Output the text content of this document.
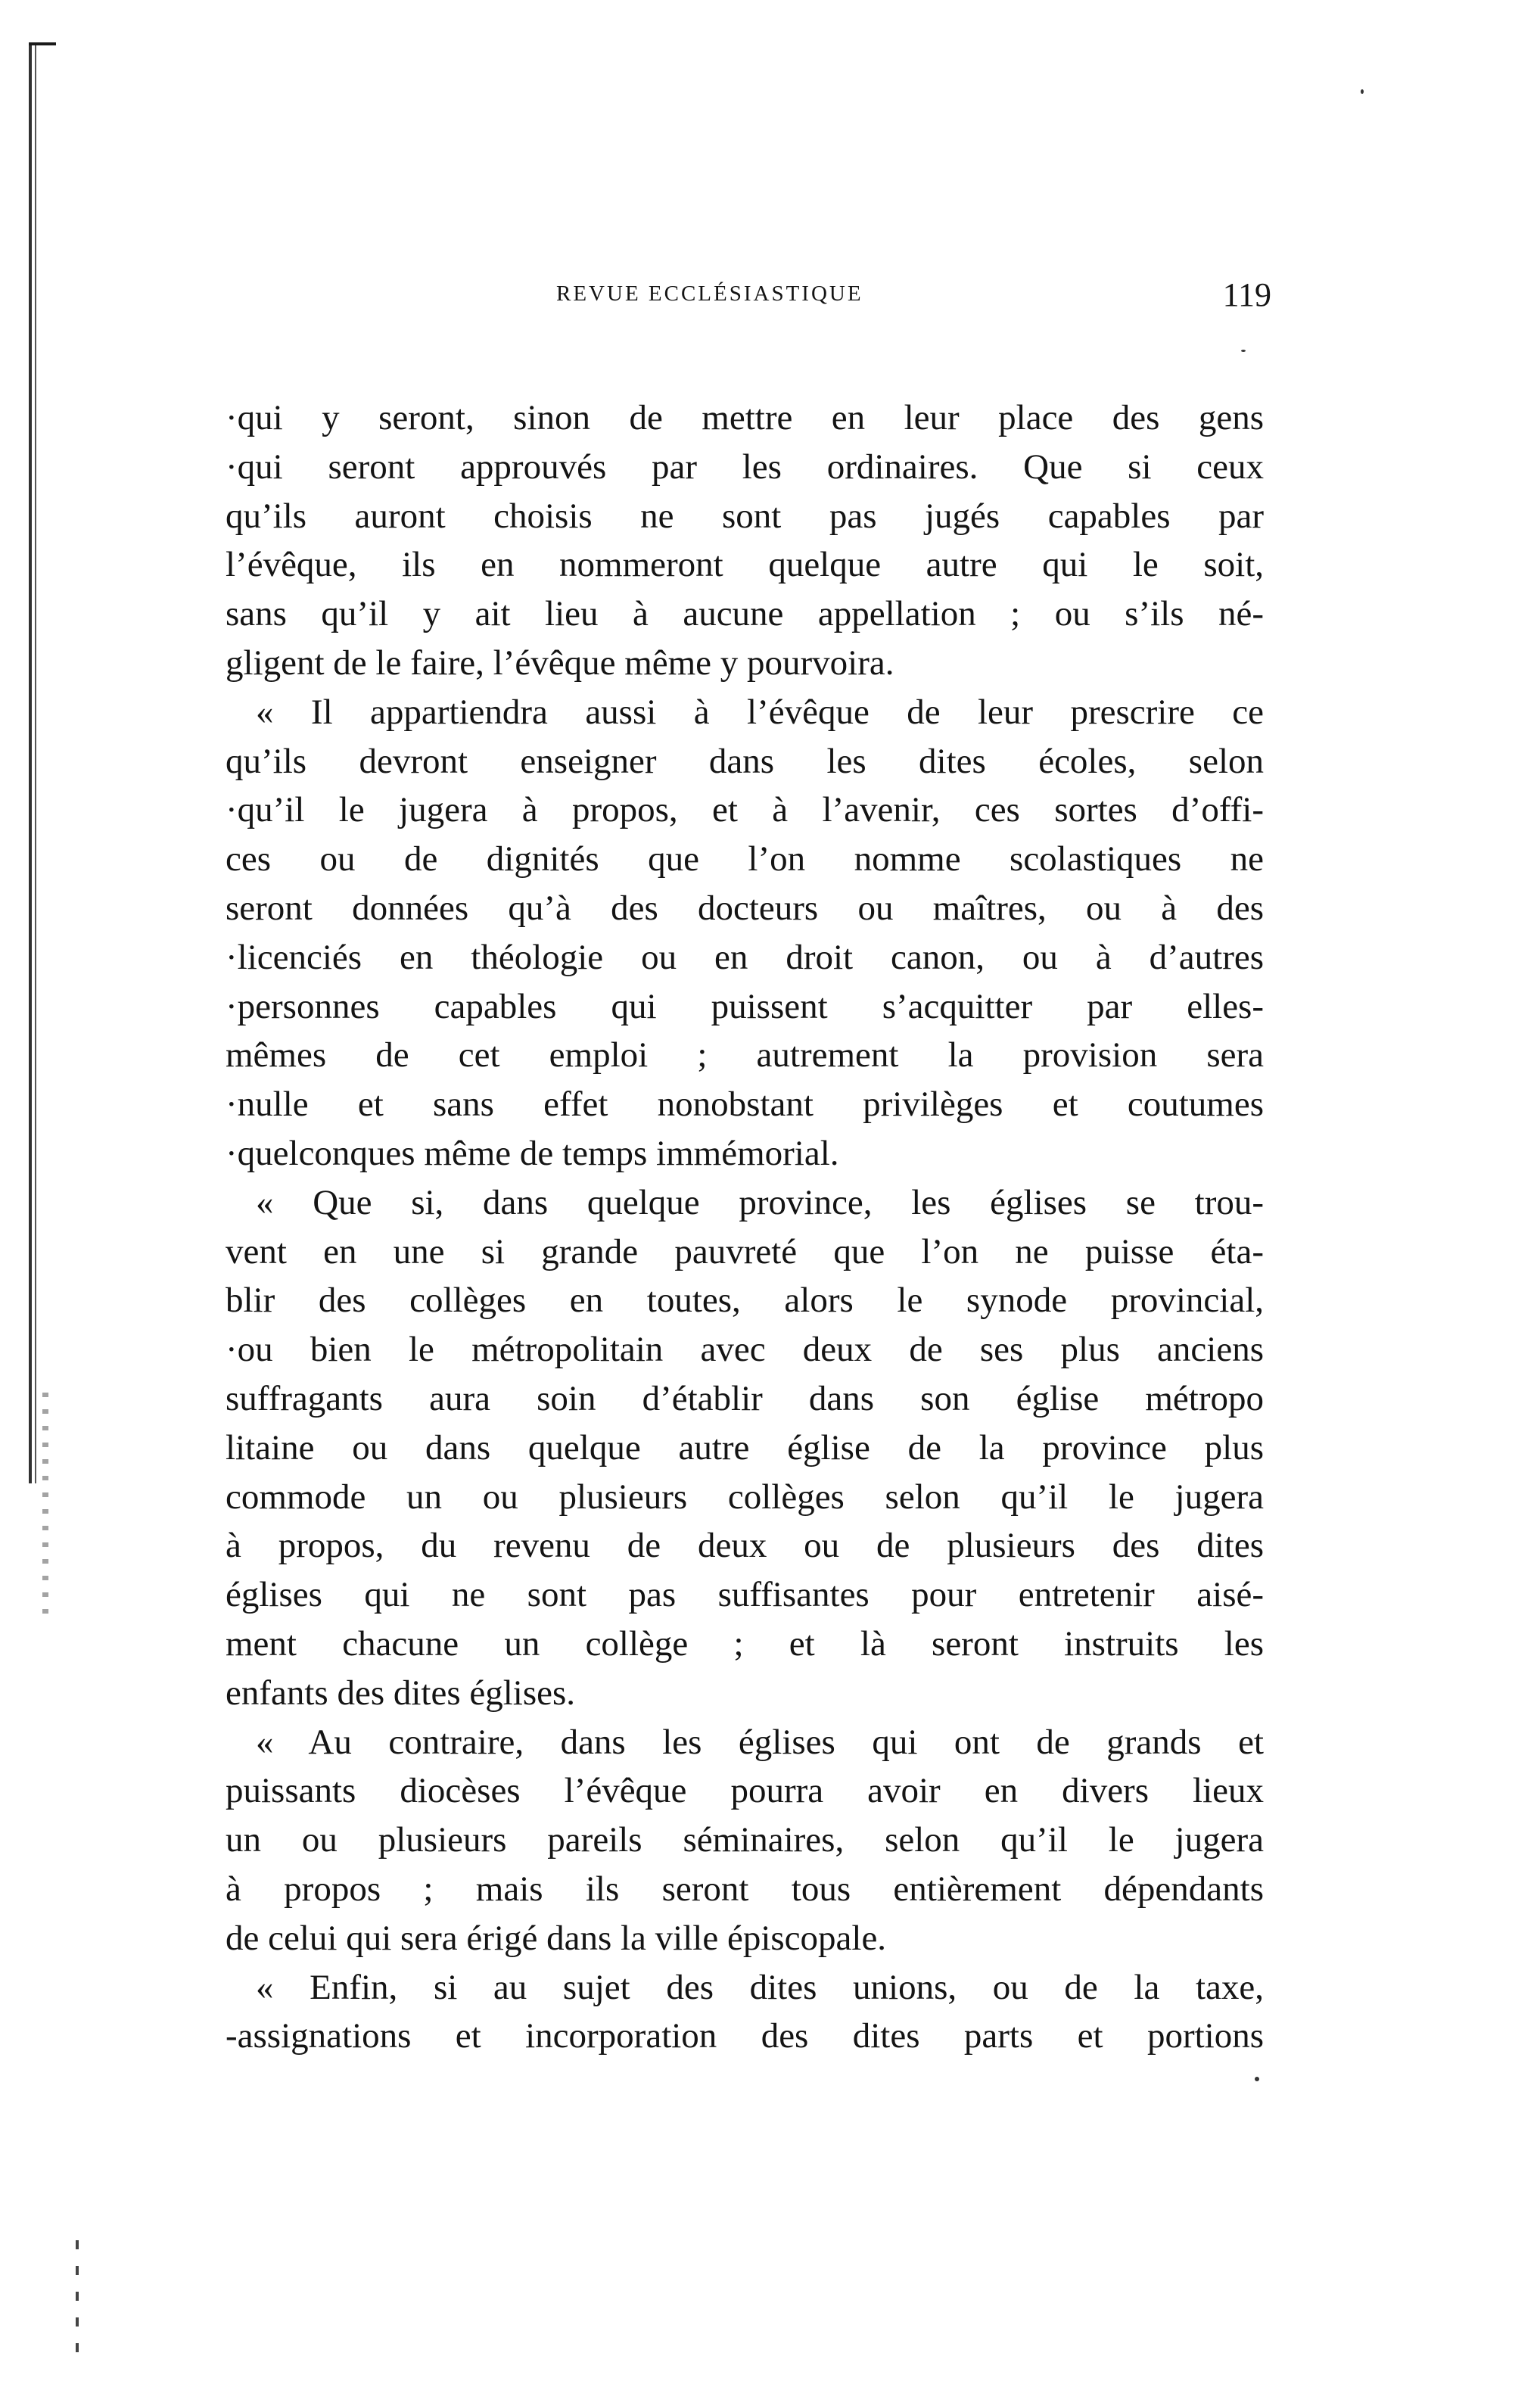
REVUE ECCLÉSIASTIQUE	119
·qui y seront, sinon de mettre en leur place des gens
·qui seront approuvés par les ordinaires. Que si ceux
qu’ils auront choisis ne sont pas jugés capables par
l’évêque, ils en nommeront quelque autre qui le soit,
sans qu’il y ait lieu à aucune appellation ; ou s’ils né-
gligent de le faire, l’évêque même y pourvoira.
« Il appartiendra aussi à l’évêque de leur prescrire ce
qu’ils devront enseigner dans les dites écoles, selon
·qu’il le jugera à propos, et à l’avenir, ces sortes d’offi-
ces ou de dignités que l’on nomme scolastiques ne
seront données qu’à des docteurs ou maîtres, ou à des
·licenciés en théologie ou en droit canon, ou à d’autres
·personnes capables qui puissent s’acquitter par elles-
mêmes de cet emploi ; autrement la provision sera
·nulle et sans effet nonobstant privilèges et coutumes
·quelconques même de temps immémorial.
« Que si, dans quelque province, les églises se trou-
vent en une si grande pauvreté que l’on ne puisse éta-
blir des collèges en toutes, alors le synode provincial,
·ou bien le métropolitain avec deux de ses plus anciens
suffragants aura soin d’établir dans son église métropo
litaine ou dans quelque autre église de la province plus
commode un ou plusieurs collèges selon qu’il le jugera
à propos, du revenu de deux ou de plusieurs des dites
églises qui ne sont pas suffisantes pour entretenir aisé-
ment chacune un collège ; et là seront instruits les
enfants des dites églises.
« Au contraire, dans les églises qui ont de grands et
puissants diocèses l’évêque pourra avoir en divers lieux
un ou plusieurs pareils séminaires, selon qu’il le jugera
à propos ; mais ils seront tous entièrement dépendants
de celui qui sera érigé dans la ville épiscopale.
« Enfin, si au sujet des dites unions, ou de la taxe,
-assignations et incorporation des dites parts et portions
